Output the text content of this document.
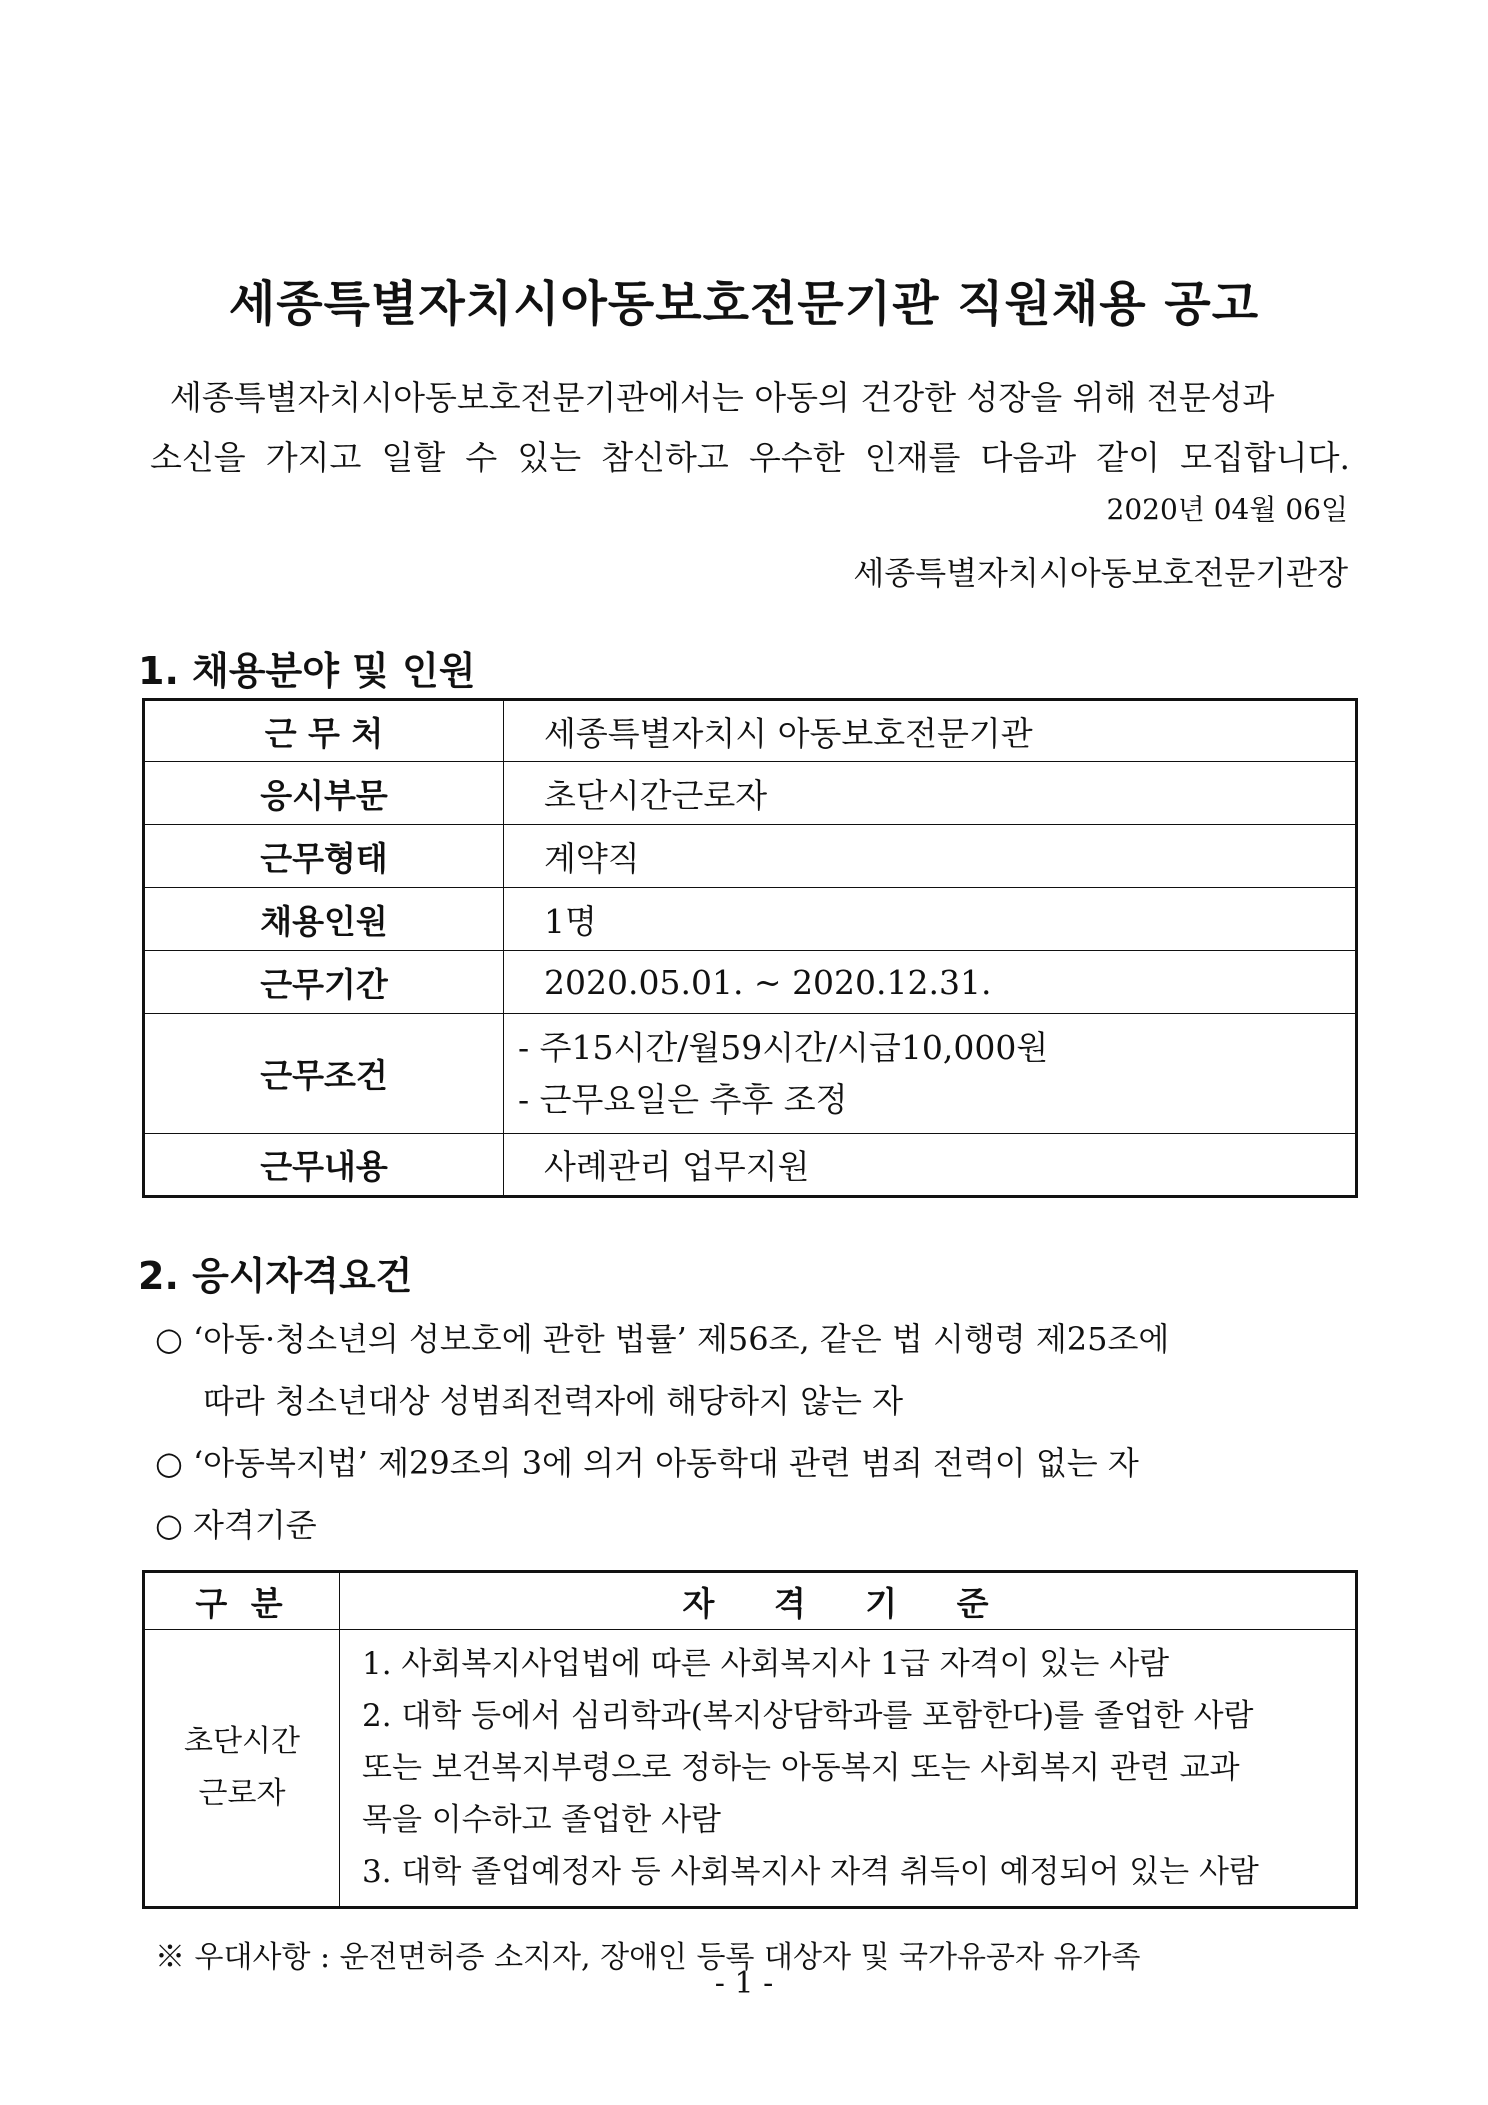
세종특별자치시아동보호전문기관 직원채용 공고
세종특별자치시아동보호전문기관에서는 아동의 건강한 성장을 위해 전문성과
소신을 가지고 일할 수 있는 참신하고 우수한 인재를 다음과 같이 모집합니다.
2020년 04월 06일
세종특별자치시아동보호전문기관장
1. 채용분야 및 인원
근 무 처	세종특별자치시 아동보호전문기관
응시부문	초단시간근로자
근무형태	계약직
채용인원	1명
근무기간	2020.05.01. ~ 2020.12.31.
근무조건	- 주15시간/월59시간/시급10,000원
- 근무요일은 추후 조정

근무내용	사례관리 업무지원
2. 응시자격요건
○ ‘아동·청소년의 성보호에 관한 법률’ 제56조, 같은 법 시행령 제25조에
따라 청소년대상 성범죄전력자에 해당하지 않는 자
○ ‘아동복지법’ 제29조의 3에 의거 아동학대 관련 범죄 전력이 없는 자
○ 자격기준
구 분	자 격 기 준

초단시간
근로자	1. 사회복지사업법에 따른 사회복지사 1급 자격이 있는 사람
2. 대학 등에서 심리학과(복지상담학과를 포함한다)를 졸업한 사람
또는 보건복지부령으로 정하는 아동복지 또는 사회복지 관련 교과
목을 이수하고 졸업한 사람
3. 대학 졸업예정자 등 사회복지사 자격 취득이 예정되어 있는 사람
※ 우대사항 : 운전면허증 소지자, 장애인 등록 대상자 및 국가유공자 유가족
- 1 -
